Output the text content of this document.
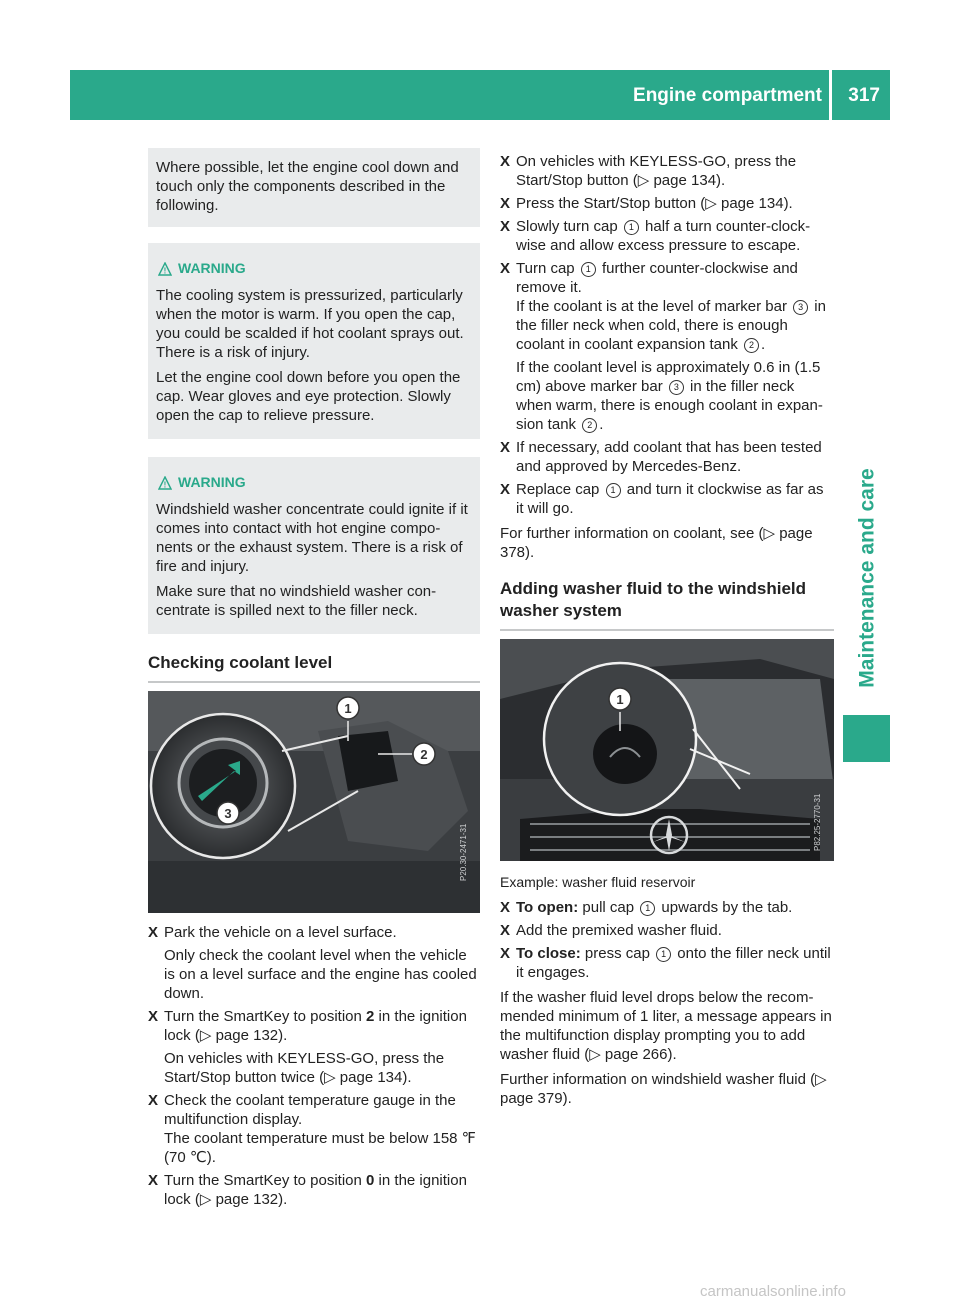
Engine compartment 317
Maintenance and care

Where possible, let the engine cool down and touch only the components described in the following.

! WARNING

The cooling system is pressurized, particularly when the motor is warm. If you open the cap, you could be scalded if hot coolant sprays out. There is a risk of injury.

Let the engine cool down before you open the cap. Wear gloves and eye protection. Slowly open the cap to relieve pressure.

! WARNING

Windshield washer concentrate could ignite if it comes into contact with hot engine compo-nents or the exhaust system. There is a risk of fire and injury.

Make sure that no windshield washer con-centrate is spilled next to the filler neck.

Checking coolant level
1
2
3
P20.30-2471-31
X Park the vehicle on a level surface.

Only check the coolant level when the vehicle is on a level surface and the engine has cooled down.

X Turn the SmartKey to position 2 in the ignition lock (▷ page 132).

On vehicles with KEYLESS-GO, press the Start/Stop button twice (▷ page 134).

X Check the coolant temperature gauge in the multifunction display.
The coolant temperature must be below 158 ℉ (70 ℃).

X Turn the SmartKey to position 0 in the ignition lock (▷ page 132).

X On vehicles with KEYLESS-GO, press the Start/Stop button (▷ page 134).

X Press the Start/Stop button (▷ page 134).

X Slowly turn cap 1 half a turn counter-clock-wise and allow excess pressure to escape.

X Turn cap 1 further counter-clockwise and remove it.
If the coolant is at the level of marker bar 3 in the filler neck when cold, there is enough coolant in coolant expansion tank 2 .

If the coolant level is approximately 0.6 in (1.5 cm) above marker bar 3 in the filler neck when warm, there is enough coolant in expan-sion tank 2 .

X If necessary, add coolant that has been tested and approved by Mercedes-Benz.

X Replace cap 1 and turn it clockwise as far as it will go.

For further information on coolant, see (▷ page 378).

Adding washer fluid to the windshield washer system
1
P82.25-2770-31

Example: washer fluid reservoir

X To open: pull cap 1 upwards by the tab.

X Add the premixed washer fluid.

X To close: press cap 1 onto the filler neck until it engages.

If the washer fluid level drops below the recom-mended minimum of 1 liter, a message appears in the multifunction display prompting you to add washer fluid (▷ page 266).

Further information on windshield washer fluid (▷ page 379).

carmanualsonline.info
